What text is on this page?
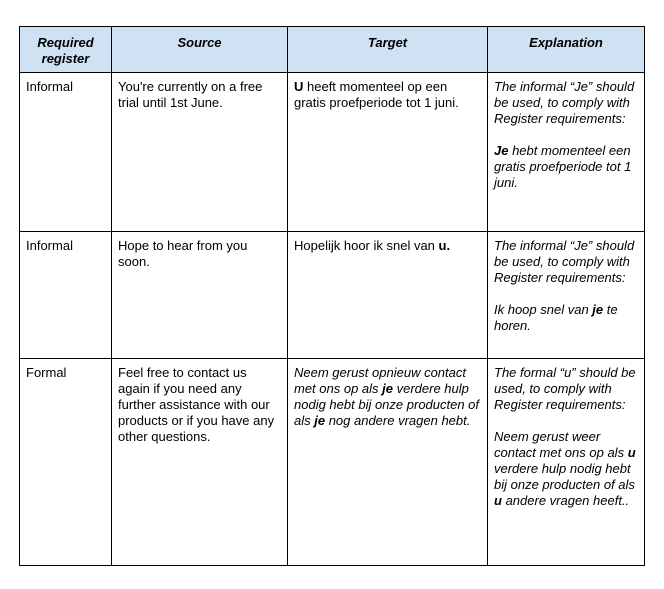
Required register	Source	Target	Explanation
Informal	You're currently on a free trial until 1st June.	U heeft momenteel op een gratis proefperiode tot 1 juni.	The informal “Je” should be used, to comply with Register requirements:
Je hebt momenteel een gratis proefperiode tot 1 juni.
Informal	Hope to hear from you soon.	Hopelijk hoor ik snel van u.	The informal “Je” should be used, to comply with Register requirements:
Ik hoop snel van je te horen.
Formal	Feel free to contact us again if you need any further assistance with our products or if you have any other questions.	Neem gerust opnieuw contact met ons op als je verdere hulp nodig hebt bij onze producten of als je nog andere vragen hebt.	The formal “u” should be used, to comply with Register requirements:
Neem gerust weer contact met ons op als u verdere hulp nodig hebt bij onze producten of als u andere vragen heeft..
